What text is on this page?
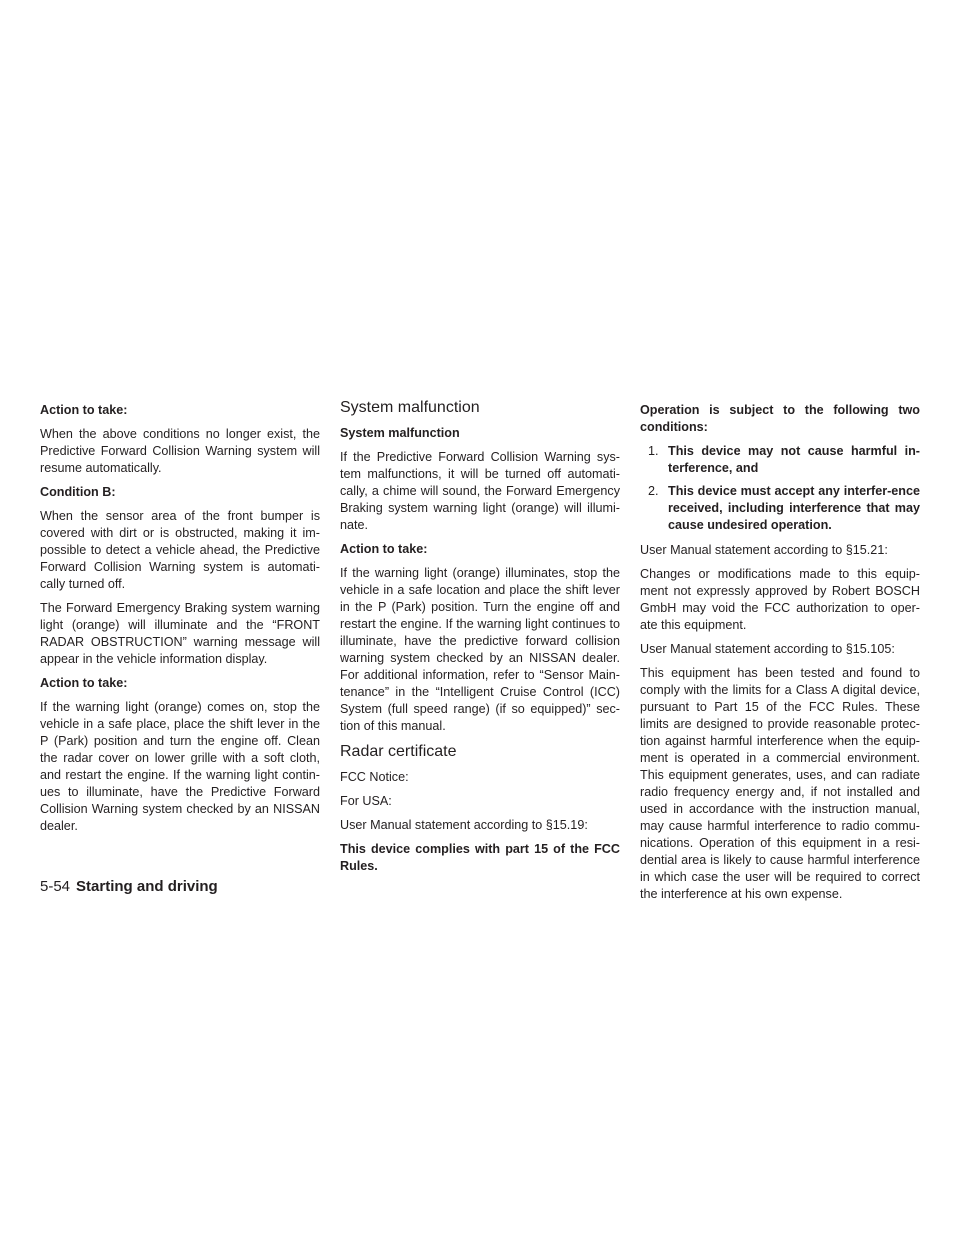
Action to take:

When the above conditions no longer exist, the Predictive Forward Collision Warning system will resume automatically.

Condition B:

When the sensor area of the front bumper is covered with dirt or is obstructed, making it im-possible to detect a vehicle ahead, the Predictive Forward Collision Warning system is automati-cally turned off.

The Forward Emergency Braking system warning light (orange) will illuminate and the “FRONT RADAR OBSTRUCTION” warning message will appear in the vehicle information display.

Action to take:

If the warning light (orange) comes on, stop the vehicle in a safe place, place the shift lever in the P (Park) position and turn the engine off. Clean the radar cover on lower grille with a soft cloth, and restart the engine. If the warning light contin-ues to illuminate, have the Predictive Forward Collision Warning system checked by an NISSAN dealer.

System malfunction

System malfunction

If the Predictive Forward Collision Warning sys-tem malfunctions, it will be turned off automati-cally, a chime will sound, the Forward Emergency Braking system warning light (orange) will illumi-nate.

Action to take:

If the warning light (orange) illuminates, stop the vehicle in a safe location and place the shift lever in the P (Park) position. Turn the engine off and restart the engine. If the warning light continues to illuminate, have the predictive forward collision warning system checked by an NISSAN dealer. For additional information, refer to “Sensor Main-tenance” in the “Intelligent Cruise Control (ICC) System (full speed range) (if so equipped)” sec-tion of this manual.

Radar certificate

FCC Notice:

For USA:

User Manual statement according to §15.19:

This device complies with part 15 of the FCC Rules.

Operation is subject to the following two conditions:

1. This device may not cause harmful in-terference, and
2. This device must accept any interfer-ence received, including interference that may cause undesired operation.

User Manual statement according to §15.21:

Changes or modifications made to this equip-ment not expressly approved by Robert BOSCH GmbH may void the FCC authorization to oper-ate this equipment.

User Manual statement according to §15.105:

This equipment has been tested and found to comply with the limits for a Class A digital device, pursuant to Part 15 of the FCC Rules. These limits are designed to provide reasonable protec-tion against harmful interference when the equip-ment is operated in a commercial environment. This equipment generates, uses, and can radiate radio frequency energy and, if not installed and used in accordance with the instruction manual, may cause harmful interference to radio commu-nications. Operation of this equipment in a resi-dential area is likely to cause harmful interference in which case the user will be required to correct the interference at his own expense.

5-54 Starting and driving
